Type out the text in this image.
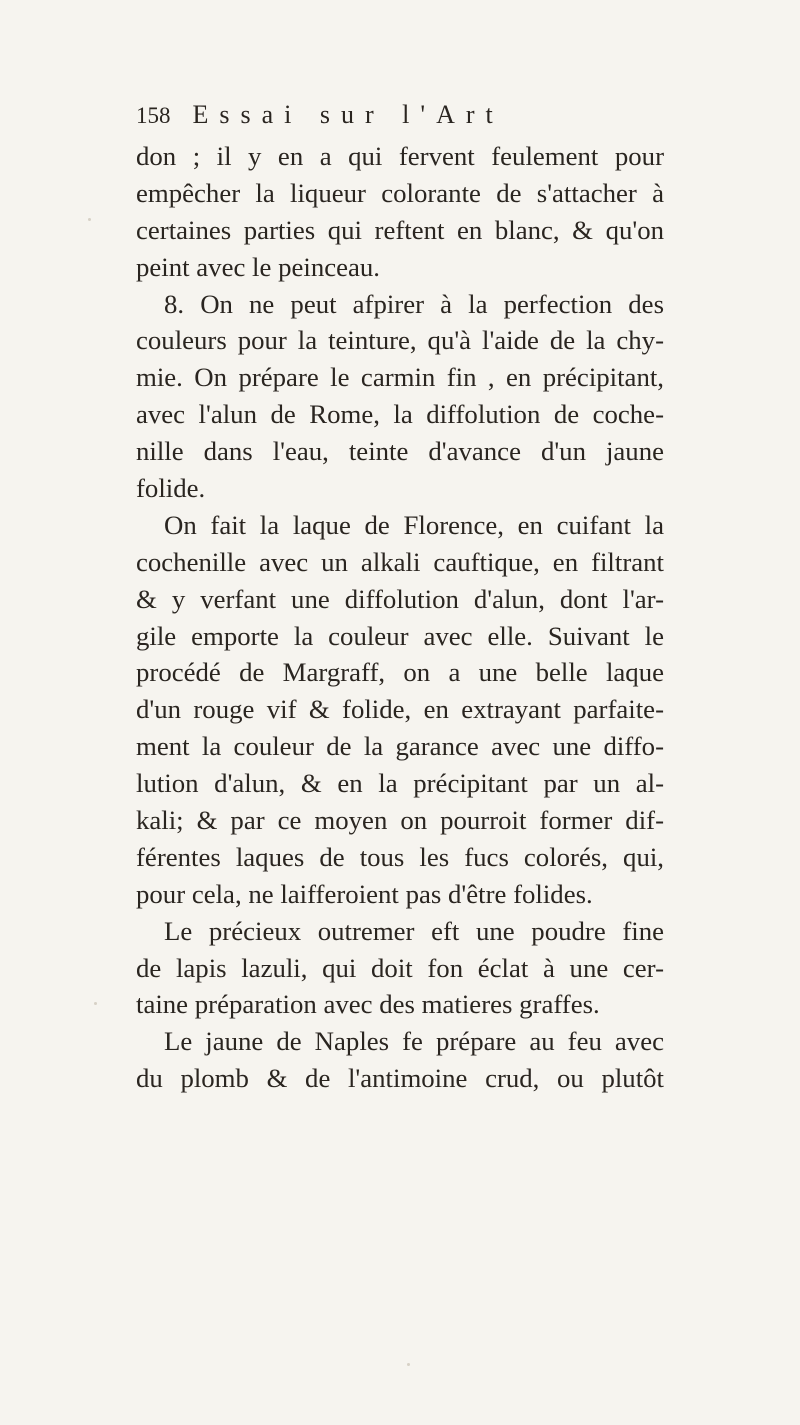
158 Essai sur l'Art
don ; il y en a qui fervent feulement pour
empêcher la liqueur colorante de s'attacher à
certaines parties qui reftent en blanc, & qu'on
peint avec le peinceau.
8. On ne peut afpirer à la perfection des
couleurs pour la teinture, qu'à l'aide de la chy-
mie. On prépare le carmin fin , en précipitant,
avec l'alun de Rome, la diffolution de coche-
nille dans l'eau, teinte d'avance d'un jaune
folide.
On fait la laque de Florence, en cuifant la
cochenille avec un alkali cauftique, en filtrant
& y verfant une diffolution d'alun, dont l'ar-
gile emporte la couleur avec elle. Suivant le
procédé de Margraff, on a une belle laque
d'un rouge vif & folide, en extrayant parfaite-
ment la couleur de la garance avec une diffo-
lution d'alun, & en la précipitant par un al-
kali; & par ce moyen on pourroit former dif-
férentes laques de tous les fucs colorés, qui,
pour cela, ne laifferoient pas d'être folides.
Le précieux outremer eft une poudre fine
de lapis lazuli, qui doit fon éclat à une cer-
taine préparation avec des matieres graffes.
Le jaune de Naples fe prépare au feu avec
du plomb & de l'antimoine crud, ou plutôt
